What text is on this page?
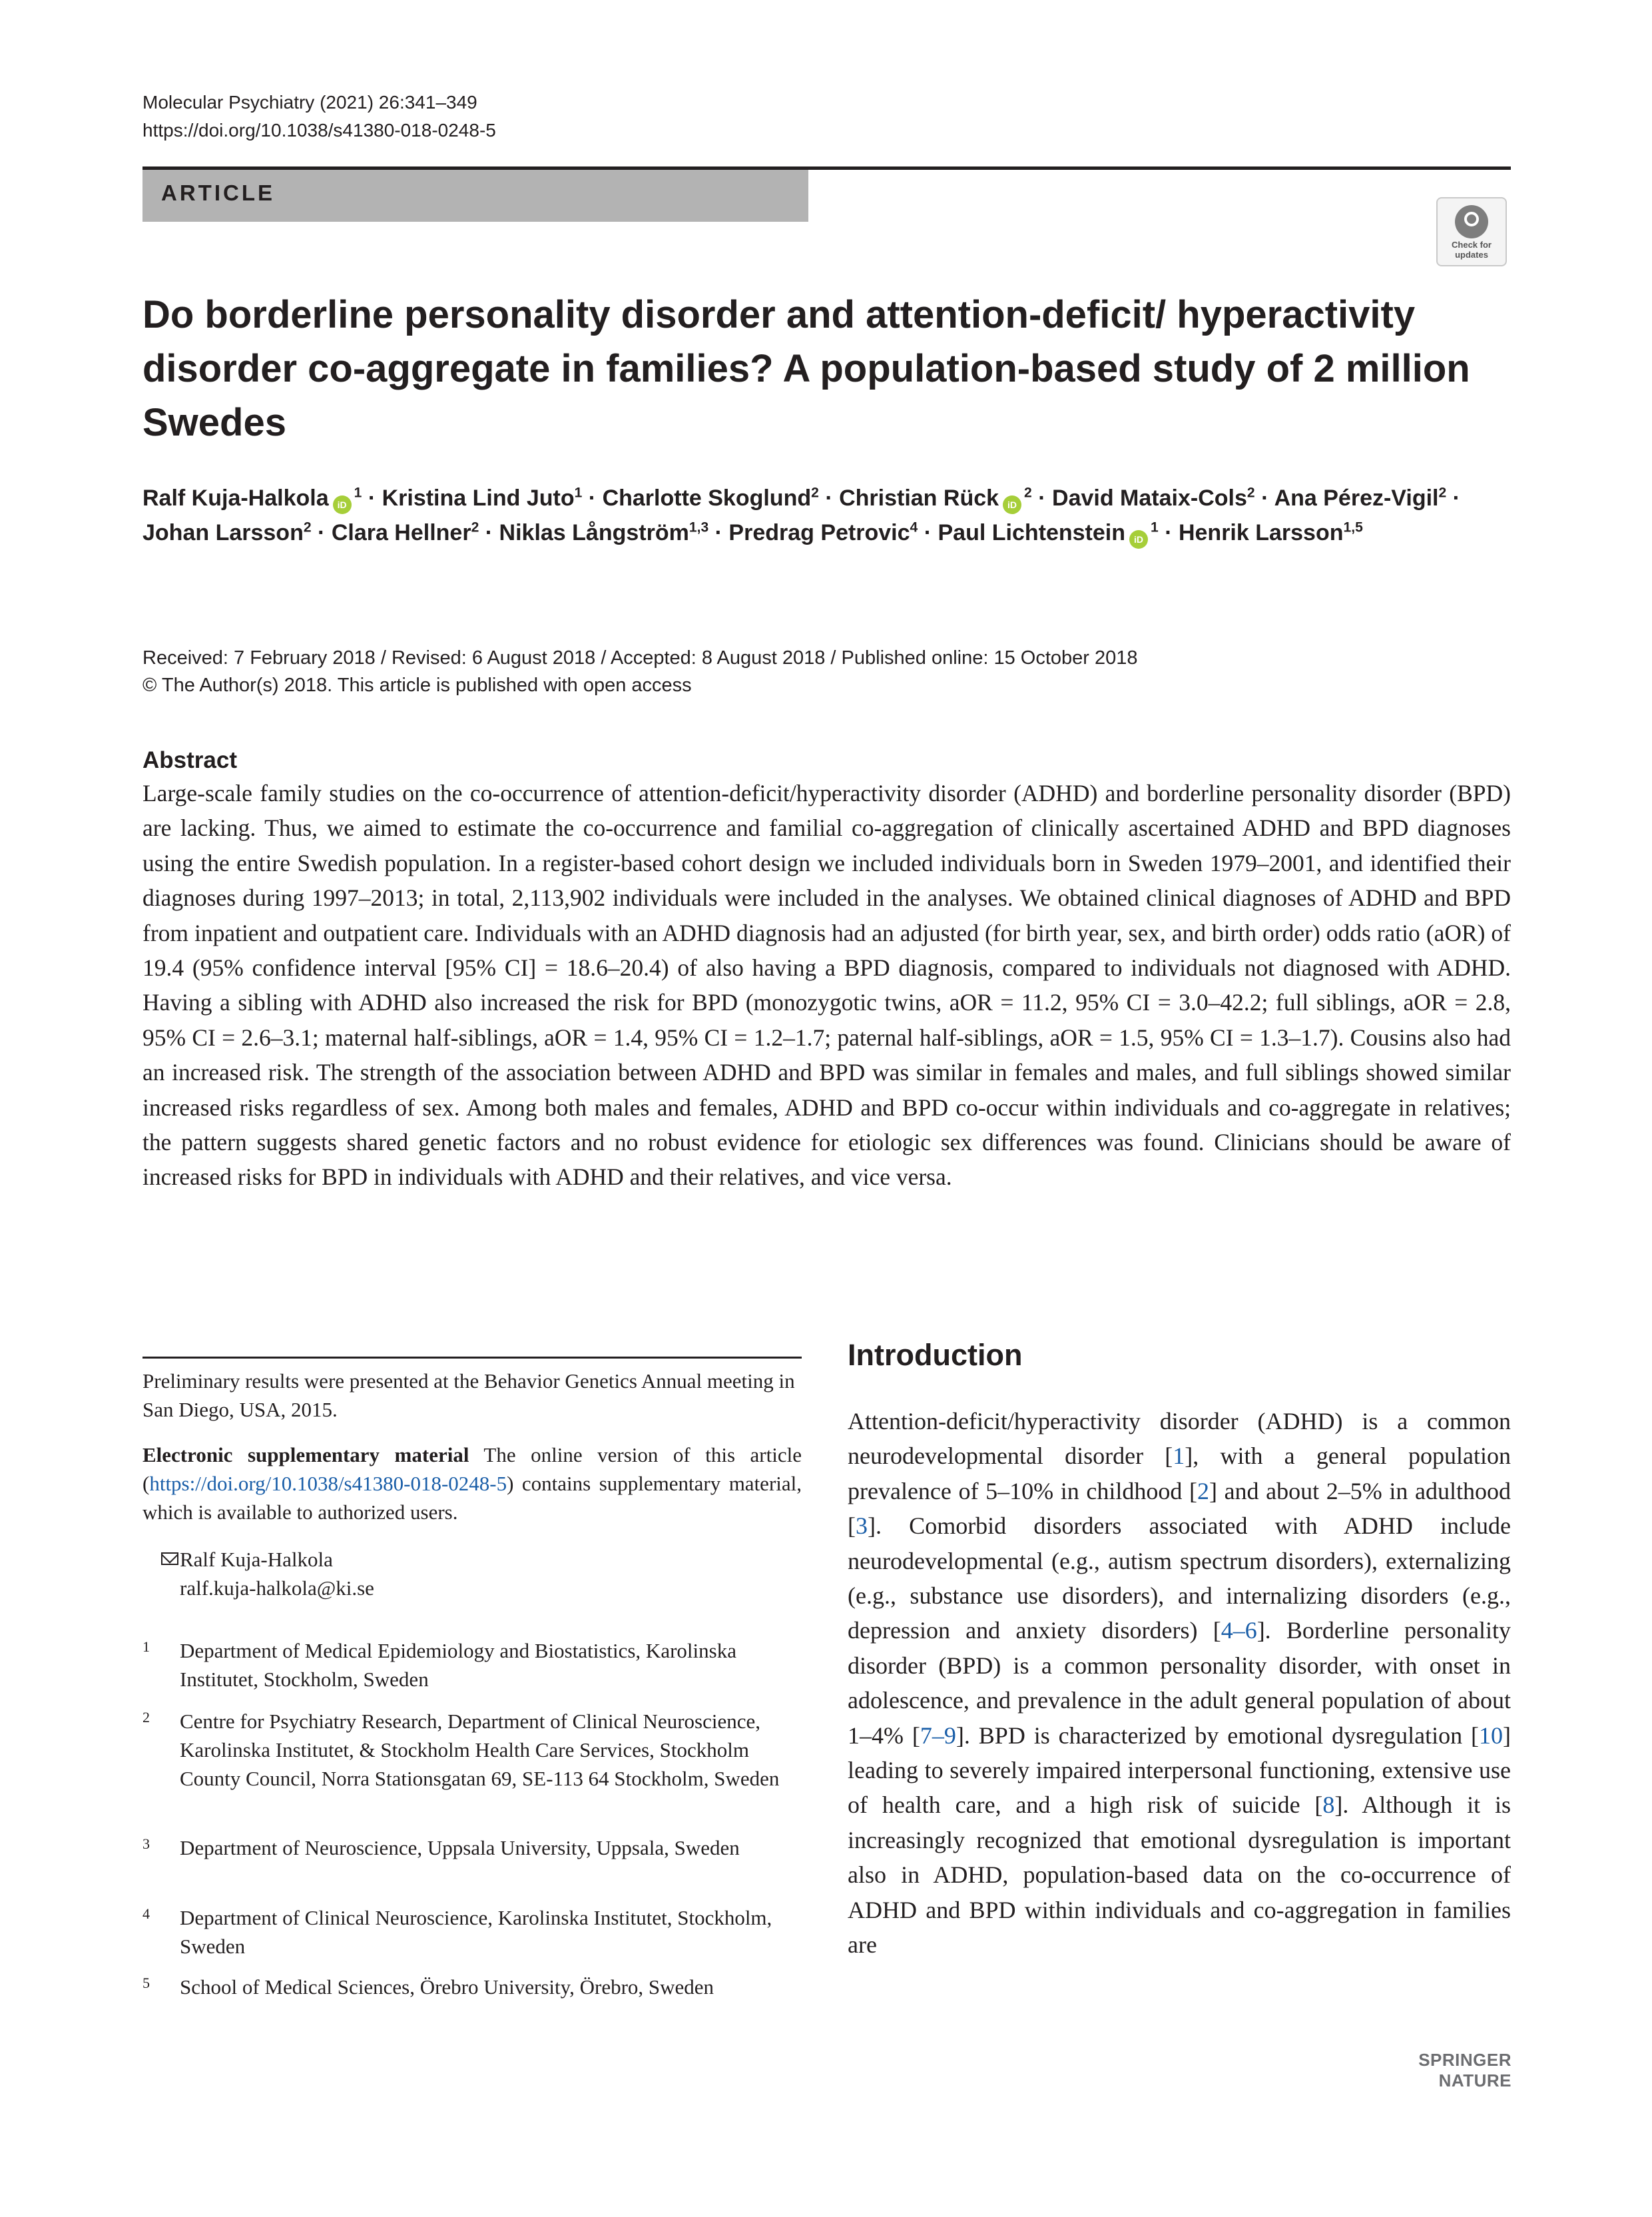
Molecular Psychiatry (2021) 26:341–349
https://doi.org/10.1038/s41380-018-0248-5
ARTICLE
Check for
updates
Do borderline personality disorder and attention-deficit/ hyperactivity disorder co-aggregate in families? A population-based study of 2 million Swedes
Ralf Kuja-Halkola $iD^1$ · Kristina Lind Juto$^1$ · Charlotte Skoglund$^2$ · Christian Rück $iD^2$ · David Mataix-Cols$^2$ · Ana Pérez-Vigil$^2$ · Johan Larsson$^2$ · Clara Hellner$^2$ · Niklas Långström$^{1,3}$ · Predrag Petrovic$^4$ · Paul Lichtenstein $iD^1$ · Henrik Larsson$^{1,5}$
Received: 7 February 2018 / Revised: 6 August 2018 / Accepted: 8 August 2018 / Published online: 15 October 2018
© The Author(s) 2018. This article is published with open access
Abstract
Large-scale family studies on the co-occurrence of attention-deficit/hyperactivity disorder (ADHD) and borderline personality disorder (BPD) are lacking. Thus, we aimed to estimate the co-occurrence and familial co-aggregation of clinically ascertained ADHD and BPD diagnoses using the entire Swedish population. In a register-based cohort design we included individuals born in Sweden 1979–2001, and identified their diagnoses during 1997–2013; in total, 2,113,902 individuals were included in the analyses. We obtained clinical diagnoses of ADHD and BPD from inpatient and outpatient care. Individuals with an ADHD diagnosis had an adjusted (for birth year, sex, and birth order) odds ratio (aOR) of 19.4 (95% confidence interval [95% CI] = 18.6–20.4) of also having a BPD diagnosis, compared to individuals not diagnosed with ADHD. Having a sibling with ADHD also increased the risk for BPD (monozygotic twins, aOR = 11.2, 95% CI = 3.0–42.2; full siblings, aOR = 2.8, 95% CI = 2.6–3.1; maternal half-siblings, aOR = 1.4, 95% CI = 1.2–1.7; paternal half-siblings, aOR = 1.5, 95% CI = 1.3–1.7). Cousins also had an increased risk. The strength of the association between ADHD and BPD was similar in females and males, and full siblings showed similar increased risks regardless of sex. Among both males and females, ADHD and BPD co-occur within individuals and co-aggregate in relatives; the pattern suggests shared genetic factors and no robust evidence for etiologic sex differences was found. Clinicians should be aware of increased risks for BPD in individuals with ADHD and their relatives, and vice versa.
Preliminary results were presented at the Behavior Genetics Annual meeting in San Diego, USA, 2015.
Electronic supplementary material The online version of this article (https://doi.org/10.1038/s41380-018-0248-5) contains supplementary material, which is available to authorized users.
Ralf Kuja-Halkola
ralf.kuja-halkola@ki.se
1 Department of Medical Epidemiology and Biostatistics, Karolinska Institutet, Stockholm, Sweden
2 Centre for Psychiatry Research, Department of Clinical Neuroscience, Karolinska Institutet, & Stockholm Health Care Services, Stockholm County Council, Norra Stationsgatan 69, SE-113 64 Stockholm, Sweden
3 Department of Neuroscience, Uppsala University, Uppsala, Sweden
4 Department of Clinical Neuroscience, Karolinska Institutet, Stockholm, Sweden
5 School of Medical Sciences, Örebro University, Örebro, Sweden
Introduction
Attention-deficit/hyperactivity disorder (ADHD) is a common neurodevelopmental disorder [1], with a general population prevalence of 5–10% in childhood [2] and about 2–5% in adulthood [3]. Comorbid disorders associated with ADHD include neurodevelopmental (e.g., autism spectrum disorders), externalizing (e.g., substance use disorders), and internalizing disorders (e.g., depression and anxiety disorders) [4–6]. Borderline personality disorder (BPD) is a common personality disorder, with onset in adolescence, and prevalence in the adult general population of about 1–4% [7–9]. BPD is characterized by emotional dysregulation [10] leading to severely impaired interpersonal functioning, extensive use of health care, and a high risk of suicide [8]. Although it is increasingly recognized that emotional dysregulation is important also in ADHD, population-based data on the co-occurrence of ADHD and BPD within individuals and co-aggregation in families are
SPRINGER NATURE
